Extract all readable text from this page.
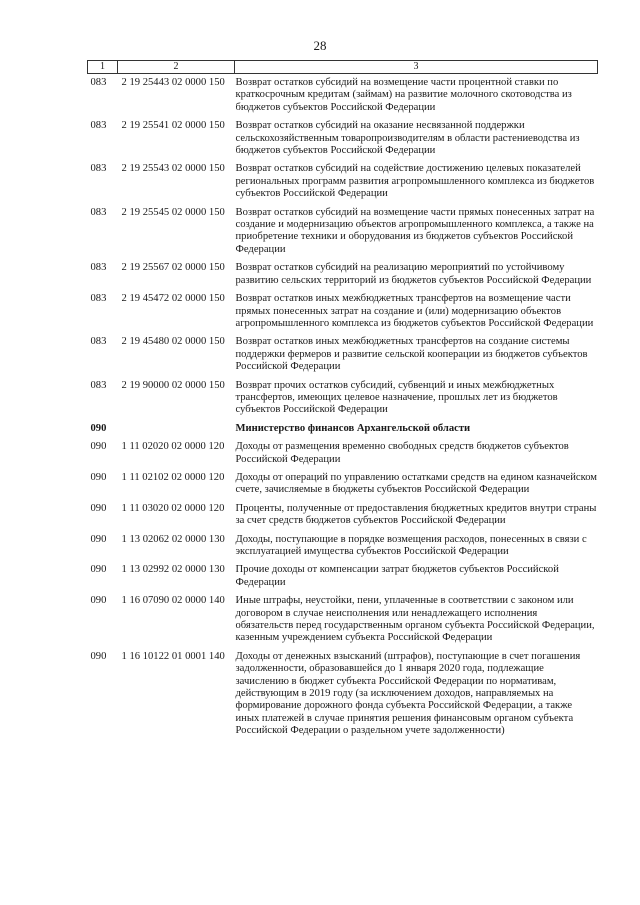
28
1	2	3
083	2 19 25443 02 0000 150	Возврат остатков субсидий на возмещение части процентной ставки по краткосрочным кредитам (займам) на развитие молочного скотоводства из бюджетов субъектов Российской Федерации
083	2 19 25541 02 0000 150	Возврат остатков субсидий на оказание несвязанной поддержки сельскохозяйственным товаропроизводителям в области растениеводства из бюджетов субъектов Российской Федерации
083	2 19 25543 02 0000 150	Возврат остатков субсидий на содействие достижению целевых показателей региональных программ развития агропромышленного комплекса из бюджетов субъектов Российской Федерации
083	2 19 25545 02 0000 150	Возврат остатков субсидий на возмещение части прямых понесенных затрат на создание и модернизацию объектов агропромышленного комплекса, а также на приобретение техники и оборудования из бюджетов субъектов Российской Федерации
083	2 19 25567 02 0000 150	Возврат остатков субсидий на реализацию мероприятий по устойчивому развитию сельских территорий из бюджетов субъектов Российской Федерации
083	2 19 45472 02 0000 150	Возврат остатков иных межбюджетных трансфертов на возмещение части прямых понесенных затрат на создание и (или) модернизацию объектов агропромышленного комплекса из бюджетов субъектов Российской Федерации
083	2 19 45480 02 0000 150	Возврат остатков иных межбюджетных трансфертов на создание системы поддержки фермеров и развитие сельской кооперации из бюджетов субъектов Российской Федерации
083	2 19 90000 02 0000 150	Возврат прочих остатков субсидий, субвенций и иных межбюджетных трансфертов, имеющих целевое назначение, прошлых лет из бюджетов субъектов Российской Федерации
090		Министерство финансов Архангельской области
090	1 11 02020 02 0000 120	Доходы от размещения временно свободных средств бюджетов субъектов Российской Федерации
090	1 11 02102 02 0000 120	Доходы от операций по управлению остатками средств на едином казначейском счете, зачисляемые в бюджеты субъектов Российской Федерации
090	1 11 03020 02 0000 120	Проценты, полученные от предоставления бюджетных кредитов внутри страны за счет средств бюджетов субъектов Российской Федерации
090	1 13 02062 02 0000 130	Доходы, поступающие в порядке возмещения расходов, понесенных в связи с эксплуатацией имущества субъектов Российской Федерации
090	1 13 02992 02 0000 130	Прочие доходы от компенсации затрат бюджетов субъектов Российской Федерации
090	1 16 07090 02 0000 140	Иные штрафы, неустойки, пени, уплаченные в соответствии с законом или договором в случае неисполнения или ненадлежащего исполнения обязательств перед государственным органом субъекта Российской Федерации, казенным учреждением субъекта Российской Федерации
090	1 16 10122 01 0001 140	Доходы от денежных взысканий (штрафов), поступающие в счет погашения задолженности, образовавшейся до 1 января 2020 года, подлежащие зачислению в бюджет субъекта Российской Федерации по нормативам, действующим в 2019 году (за исключением доходов, направляемых на формирование дорожного фонда субъекта Российской Федерации, а также иных платежей в случае принятия решения финансовым органом субъекта Российской Федерации о раздельном учете задолженности)
